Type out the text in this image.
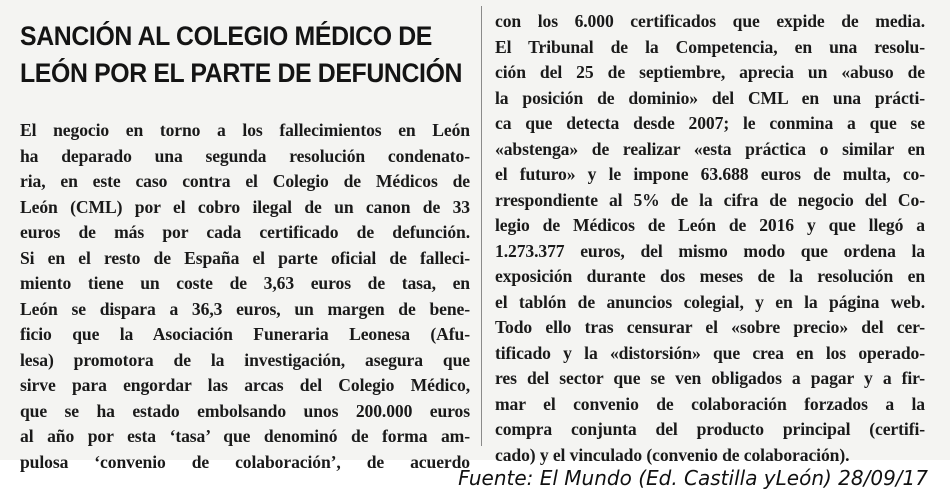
SANCIÓN AL COLEGIO MÉDICO DE
LEÓN POR EL PARTE DE DEFUNCIÓN

El negocio en torno a los fallecimientos en León
ha deparado una segunda resolución condenato-
ria, en este caso contra el Colegio de Médicos de
León (CML) por el cobro ilegal de un canon de 33
euros de más por cada certificado de defunción.
Si en el resto de España el parte oficial de falleci-
miento tiene un coste de 3,63 euros de tasa, en
León se dispara a 36,3 euros, un margen de bene-
ficio que la Asociación Funeraria Leonesa (Afu-
lesa) promotora de la investigación, asegura que
sirve para engordar las arcas del Colegio Médico,
que se ha estado embolsando unos 200.000 euros
al año por esta ‘tasa’ que denominó de forma am-
pulosa ‘convenio de colaboración’, de acuerdo

con los 6.000 certificados que expide de media.
El Tribunal de la Competencia, en una resolu-
ción del 25 de septiembre, aprecia un «abuso de
la posición de dominio» del CML en una prácti-
ca que detecta desde 2007; le conmina a que se
«abstenga» de realizar «esta práctica o similar en
el futuro» y le impone 63.688 euros de multa, co-
rrespondiente al 5% de la cifra de negocio del Co-
legio de Médicos de León de 2016 y que llegó a
1.273.377 euros, del mismo modo que ordena la
exposición durante dos meses de la resolución en
el tablón de anuncios colegial, y en la página web.
Todo ello tras censurar el «sobre precio» del cer-
tificado y la «distorsión» que crea en los operado-
res del sector que se ven obligados a pagar y a fir-
mar el convenio de colaboración forzados a la
compra conjunta del producto principal (certifi-
cado) y el vinculado (convenio de colaboración).

Fuente: El Mundo (Ed. Castilla yLeón) 28/09/17
